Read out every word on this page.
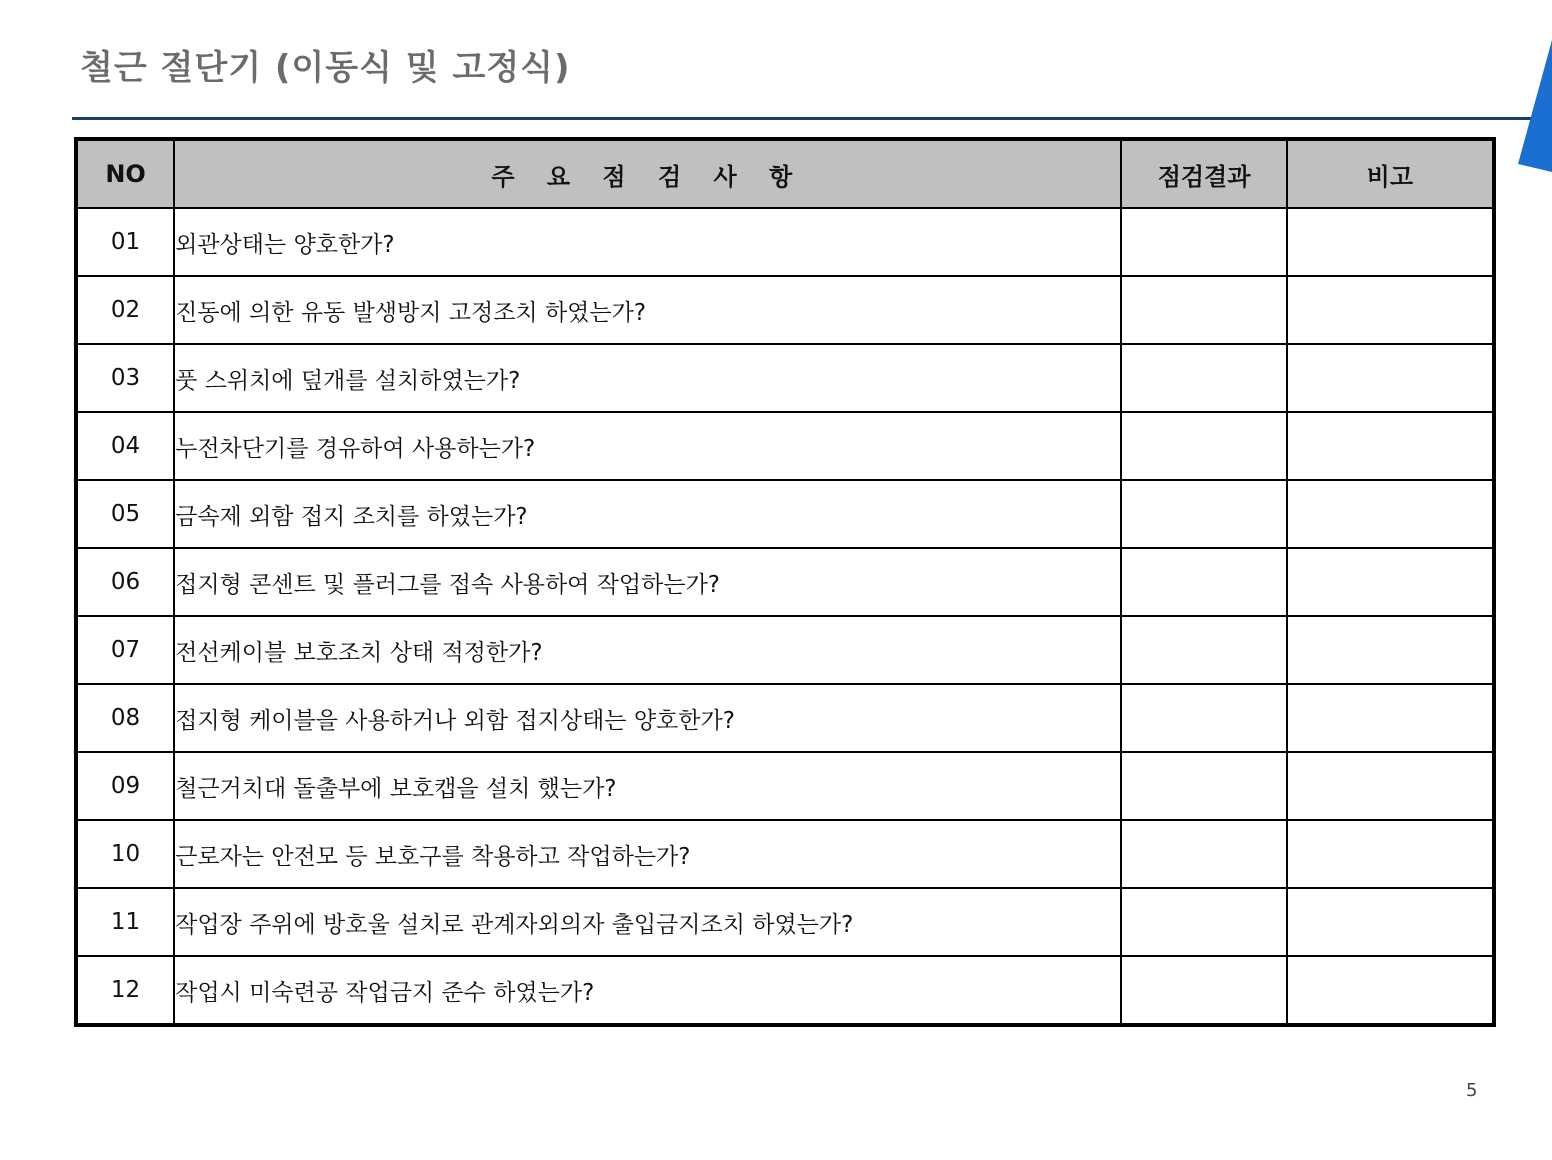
철근 절단기 (이동식 및 고정식)
NO	주 요 점 검 사 항	점검결과	비고
01	외관상태는 양호한가?		
02	진동에 의한 유동 발생방지 고정조치 하였는가?		
03	풋 스위치에 덮개를 설치하였는가?		
04	누전차단기를 경유하여 사용하는가?		
05	금속제 외함 접지 조치를 하였는가?		
06	접지형 콘센트 및 플러그를 접속 사용하여 작업하는가?		
07	전선케이블 보호조치 상태 적정한가?		
08	접지형 케이블을 사용하거나 외함 접지상태는 양호한가?		
09	철근거치대 돌출부에 보호캡을 설치 했는가?		
10	근로자는 안전모 등 보호구를 착용하고 작업하는가?		
11	작업장 주위에 방호울 설치로 관계자외의자 출입금지조치 하였는가?		
12	작업시 미숙련공 작업금지 준수 하였는가?		
5
